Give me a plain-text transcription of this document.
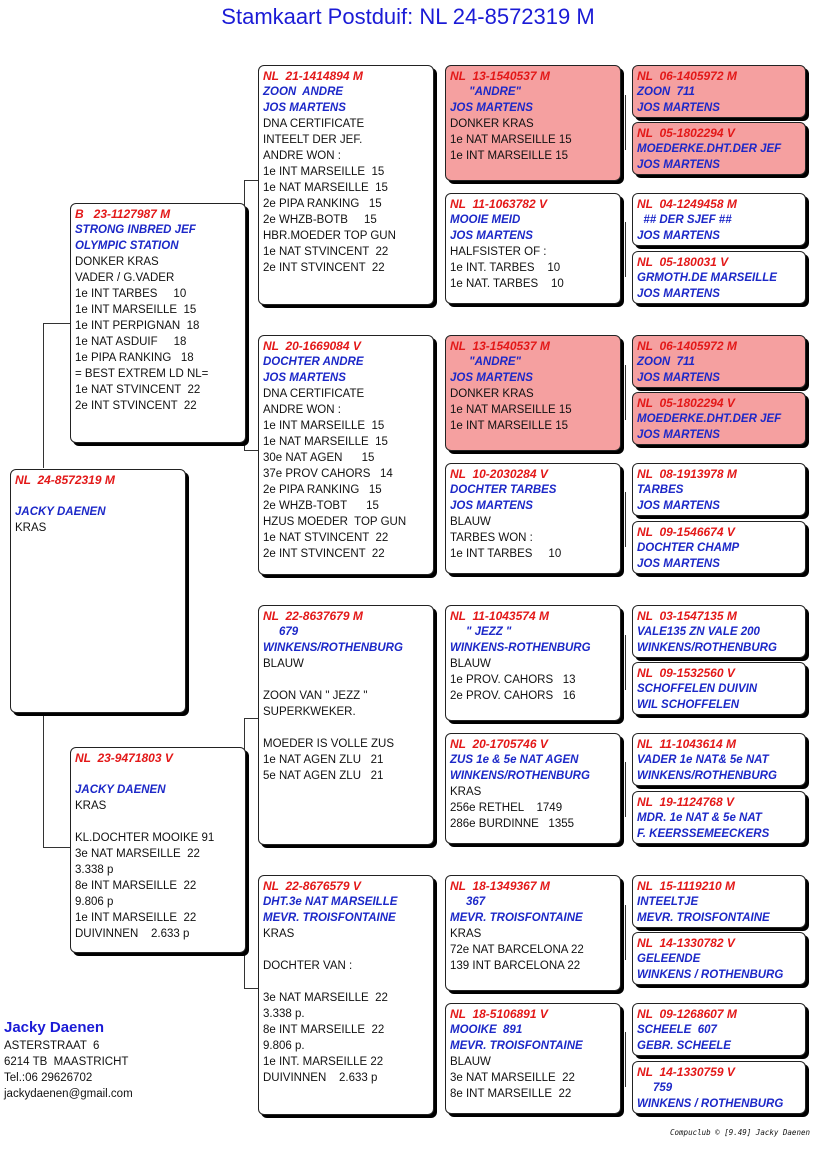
Stamkaart Postduif: NL 24-8572319 M
NL  24-8572319 M

JACKY DAENEN
KRAS
B   23-1127987 M
STRONG INBRED JEF
OLYMPIC STATION
DONKER KRAS
VADER / G.VADER
1e INT TARBES     10
1e INT MARSEILLE  15
1e INT PERPIGNAN  18
1e NAT ASDUIF     18
1e PIPA RANKING   18
= BEST EXTREM LD NL=
1e NAT STVINCENT  22
2e INT STVINCENT  22
NL  23-9471803 V

JACKY DAENEN
KRAS

KL.DOCHTER MOOIKE 91
3e NAT MARSEILLE  22
3.338 p
8e INT MARSEILLE  22
9.806 p
1e INT MARSEILLE  22
DUIVINNEN    2.633 p
NL  21-1414894 M
ZOON  ANDRE
JOS MARTENS
DNA CERTIFICATE
INTEELT DER JEF.
ANDRE WON :
1e INT MARSEILLE  15
1e NAT MARSEILLE  15
2e PIPA RANKING   15
2e WHZB-BOTB     15
HBR.MOEDER TOP GUN
1e NAT STVINCENT  22
2e INT STVINCENT  22
NL  20-1669084 V
DOCHTER ANDRE
JOS MARTENS
DNA CERTIFICATE
ANDRE WON :
1e INT MARSEILLE  15
1e NAT MARSEILLE  15
30e NAT AGEN      15
37e PROV CAHORS   14
2e PIPA RANKING   15
2e WHZB-TOBT      15
HZUS MOEDER  TOP GUN
1e NAT STVINCENT  22
2e INT STVINCENT  22
NL  22-8637679 M
679
WINKENS/ROTHENBURG
BLAUW

ZOON VAN " JEZZ "
SUPERKWEKER.

MOEDER IS VOLLE ZUS
1e NAT AGEN ZLU   21
5e NAT AGEN ZLU   21
NL  22-8676579 V
DHT.3e NAT MARSEILLE
MEVR. TROISFONTAINE
KRAS

DOCHTER VAN :

3e NAT MARSEILLE  22
3.338 p.
8e INT MARSEILLE  22
9.806 p.
1e INT. MARSEILLE 22
DUIVINNEN    2.633 p
NL  13-1540537 M
"ANDRE"
JOS MARTENS
DONKER KRAS
1e NAT MARSEILLE 15
1e INT MARSEILLE 15
NL  11-1063782 V
MOOIE MEID
JOS MARTENS
HALFSISTER OF :
1e INT. TARBES    10
1e NAT. TARBES    10
NL  13-1540537 M
"ANDRE"
JOS MARTENS
DONKER KRAS
1e NAT MARSEILLE 15
1e INT MARSEILLE 15
NL  10-2030284 V
DOCHTER TARBES
JOS MARTENS
BLAUW
TARBES WON :
1e INT TARBES     10
NL  11-1043574 M
" JEZZ "
WINKENS-ROTHENBURG
BLAUW
1e PROV. CAHORS   13
2e PROV. CAHORS   16
NL  20-1705746 V
ZUS 1e & 5e NAT AGEN
WINKENS/ROTHENBURG
KRAS
256e RETHEL    1749
286e BURDINNE   1355
NL  18-1349367 M
367
MEVR. TROISFONTAINE
KRAS
72e NAT BARCELONA 22
139 INT BARCELONA 22
NL  18-5106891 V
MOOIKE  891
MEVR. TROISFONTAINE
BLAUW
3e NAT MARSEILLE  22
8e INT MARSEILLE  22
NL  06-1405972 M
ZOON  711
JOS MARTENS
NL  05-1802294 V
MOEDERKE.DHT.DER JEF
JOS MARTENS
NL  04-1249458 M
## DER SJEF ##
JOS MARTENS
NL  05-180031 V
GRMOTH.DE MARSEILLE
JOS MARTENS
NL  06-1405972 M
ZOON  711
JOS MARTENS
NL  05-1802294 V
MOEDERKE.DHT.DER JEF
JOS MARTENS
NL  08-1913978 M
TARBES
JOS MARTENS
NL  09-1546674 V
DOCHTER CHAMP
JOS MARTENS
NL  03-1547135 M
VALE135 ZN VALE 200
WINKENS/ROTHENBURG
NL  09-1532560 V
SCHOFFELEN DUIVIN
WIL SCHOFFELEN
NL  11-1043614 M
VADER 1e NAT& 5e NAT
WINKENS/ROTHENBURG
NL  19-1124768 V
MDR. 1e NAT & 5e NAT
F. KEERSSEMEECKERS
NL  15-1119210 M
INTEELTJE
MEVR. TROISFONTAINE
NL  14-1330782 V
GELEENDE
WINKENS / ROTHENBURG
NL  09-1268607 M
SCHEELE  607
GEBR. SCHEELE
NL  14-1330759 V
759
WINKENS / ROTHENBURG
Jacky Daenen
ASTERSTRAAT  6
6214 TB  MAASTRICHT
Tel.:06 29626702
jackydaenen@gmail.com
Compuclub © [9.49] Jacky Daenen
